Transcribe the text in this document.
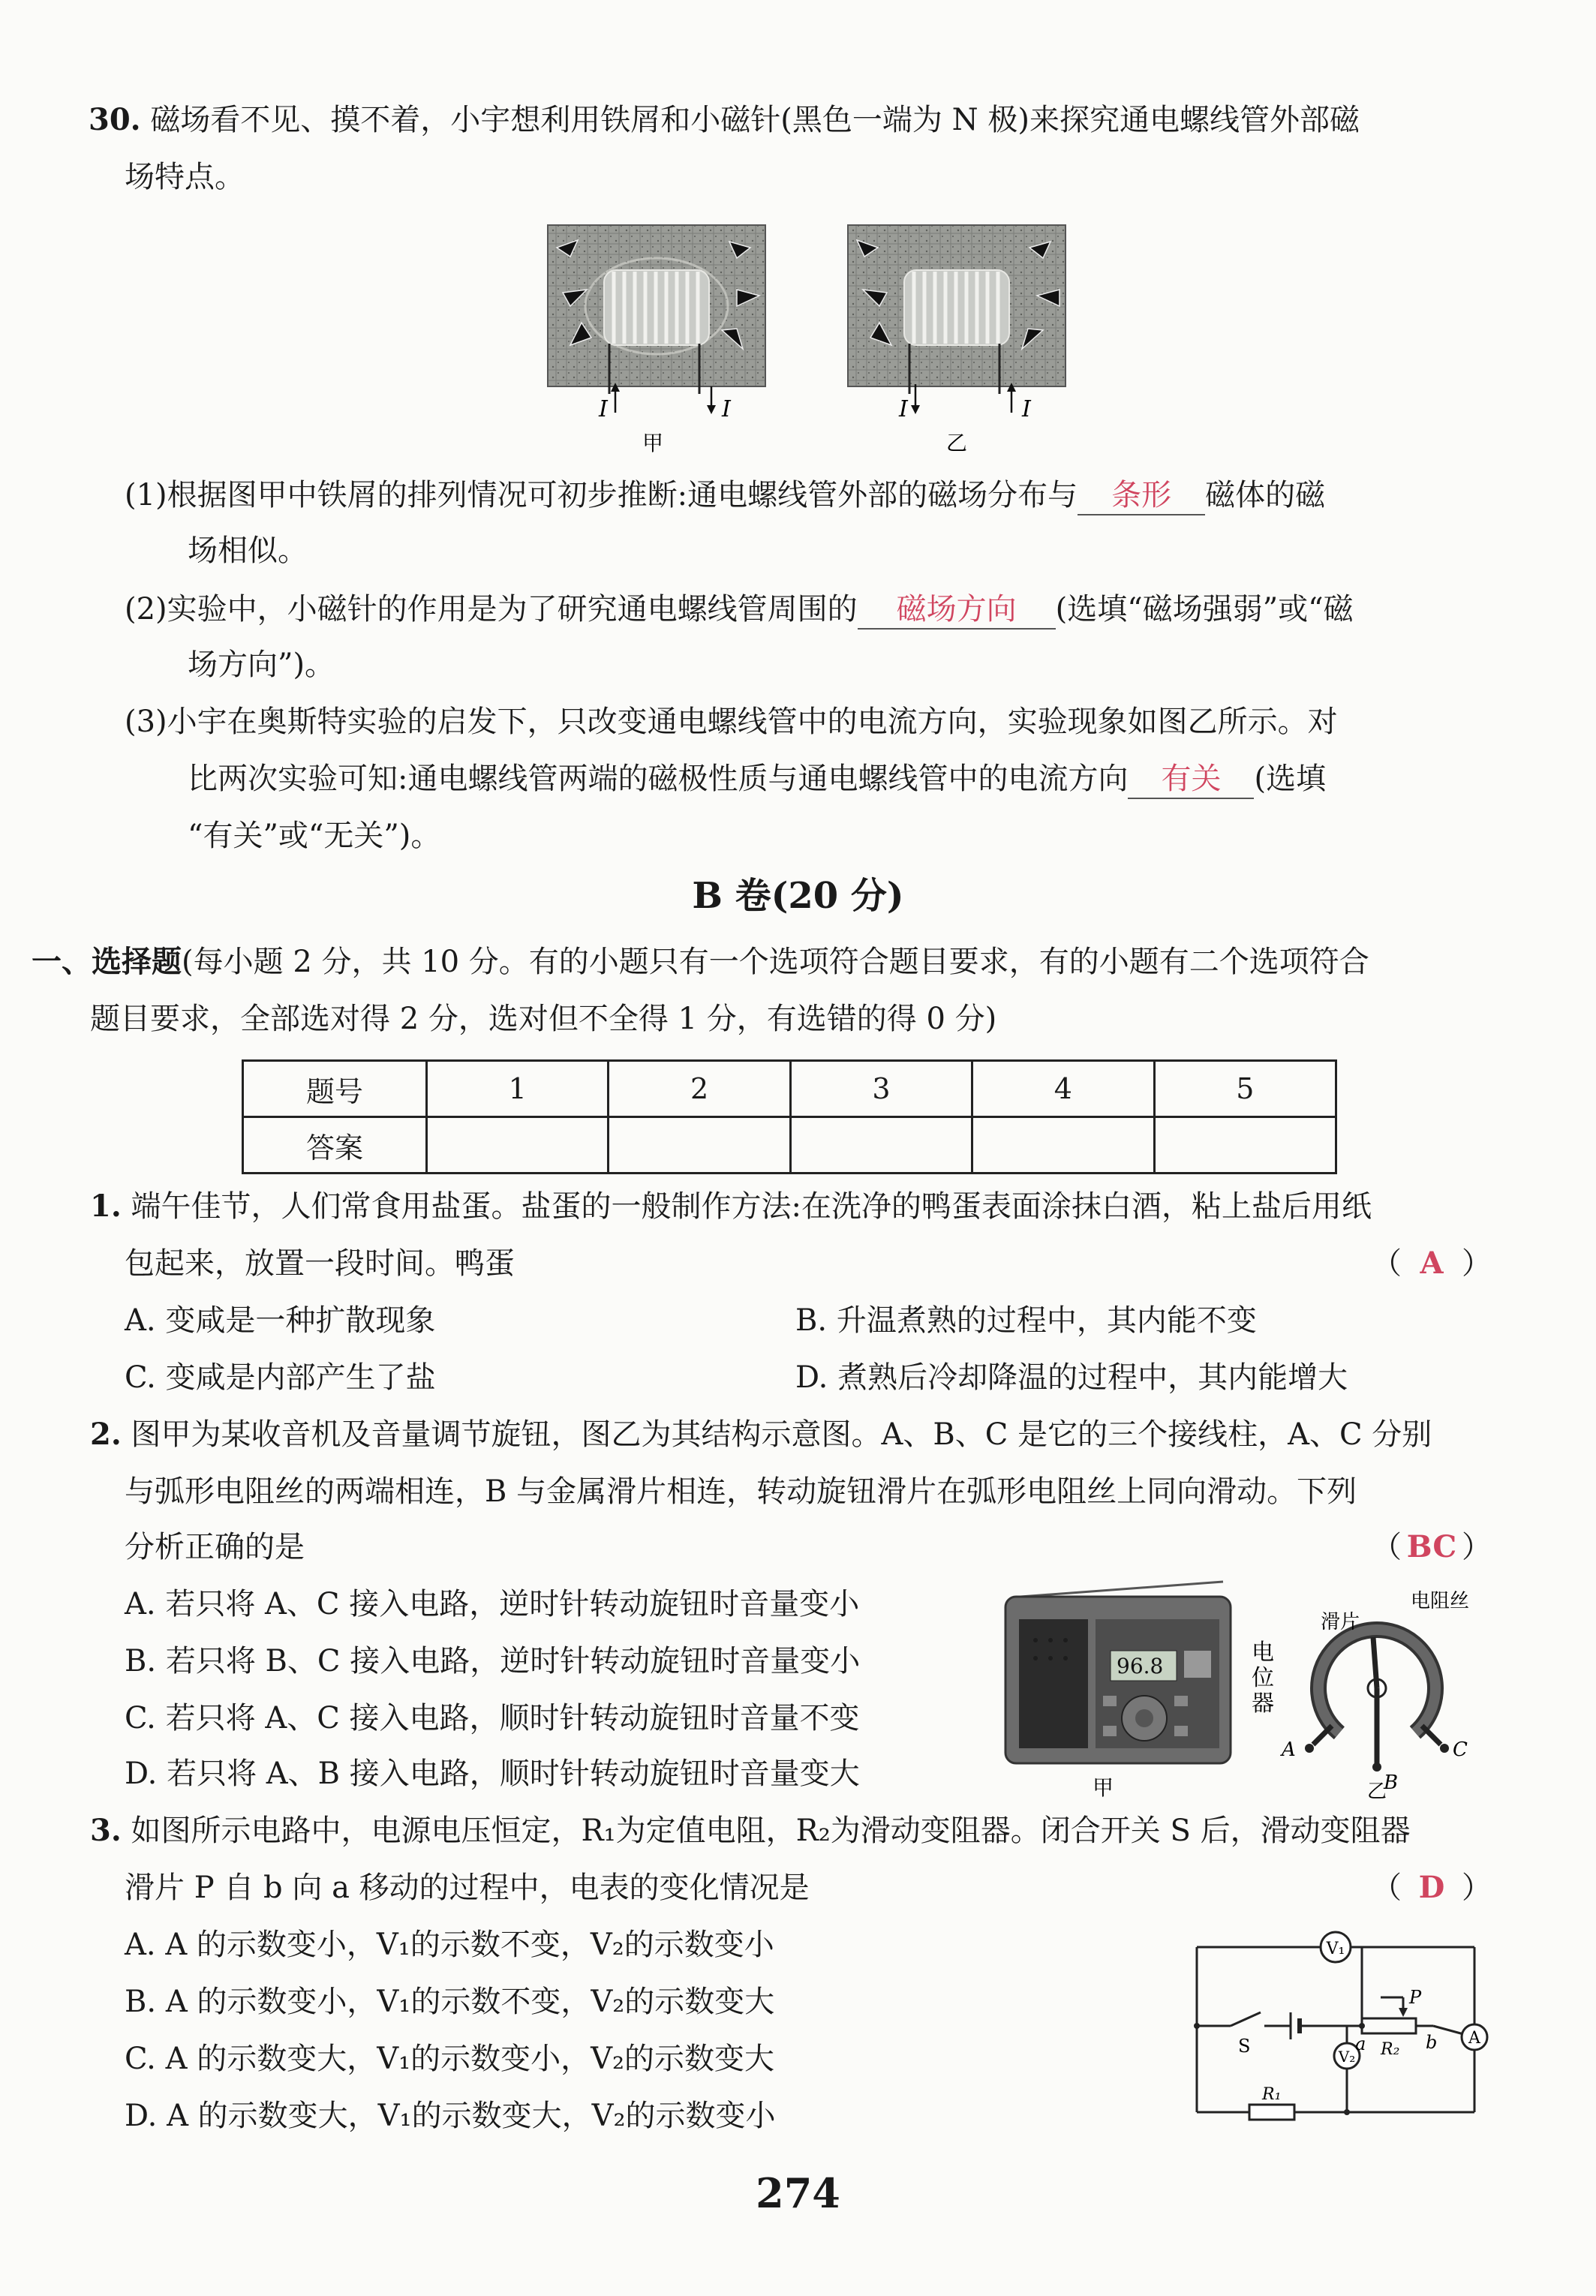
30. 磁场看不见、摸不着，小宇想利用铁屑和小磁针(黑色一端为 N 极)来探究通电螺线管外部磁
场特点。
I	I	I	I
甲	乙
(1)根据图甲中铁屑的排列情况可初步推断:通电螺线管外部的磁场分布与 条形 磁体的磁
场相似。
(2)实验中，小磁针的作用是为了研究通电螺线管周围的 磁场方向 (选填“磁场强弱”或“磁
场方向”)。
(3)小宇在奥斯特实验的启发下，只改变通电螺线管中的电流方向，实验现象如图乙所示。对
比两次实验可知:通电螺线管两端的磁极性质与通电螺线管中的电流方向 有关 (选填
“有关”或“无关”)。
B 卷(20 分)
一、选择题(每小题 2 分，共 10 分。有的小题只有一个选项符合题目要求，有的小题有二个选项符合
题目要求，全部选对得 2 分，选对但不全得 1 分，有选错的得 0 分)
题号	1	2	3	4	5
答案					
1. 端午佳节，人们常食用盐蛋。盐蛋的一般制作方法:在洗净的鸭蛋表面涂抹白酒，粘上盐后用纸
包起来，放置一段时间。鸭蛋	（ A ）
A. 变咸是一种扩散现象	B. 升温煮熟的过程中，其内能不变
C. 变咸是内部产生了盐	D. 煮熟后冷却降温的过程中，其内能增大
2. 图甲为某收音机及音量调节旋钮，图乙为其结构示意图。A、B、C 是它的三个接线柱，A、C 分别
与弧形电阻丝的两端相连，B 与金属滑片相连，转动旋钮滑片在弧形电阻丝上同向滑动。下列
分析正确的是	（ BC ）
A. 若只将 A、C 接入电路，逆时针转动旋钮时音量变小
B. 若只将 B、C 接入电路，逆时针转动旋钮时音量变小
C. 若只将 A、C 接入电路，顺时针转动旋钮时音量不变
D. 若只将 A、B 接入电路，顺时针转动旋钮时音量变大
96.8
电
位
器
甲
滑片
电阻丝
A
B
C
乙
3. 如图所示电路中，电源电压恒定，R₁为定值电阻，R₂为滑动变阻器。闭合开关 S 后，滑动变阻器
滑片 P 自 b 向 a 移动的过程中，电表的变化情况是	（ D ）
A. A 的示数变小，V₁的示数不变，V₂的示数变小
B. A 的示数变小，V₁的示数不变，V₂的示数变大
C. A 的示数变大，V₁的示数变小，V₂的示数变大
D. A 的示数变大，V₁的示数变大，V₂的示数变小
V₁
V₂
A
P
S	a	b
R₂
R₁
274
